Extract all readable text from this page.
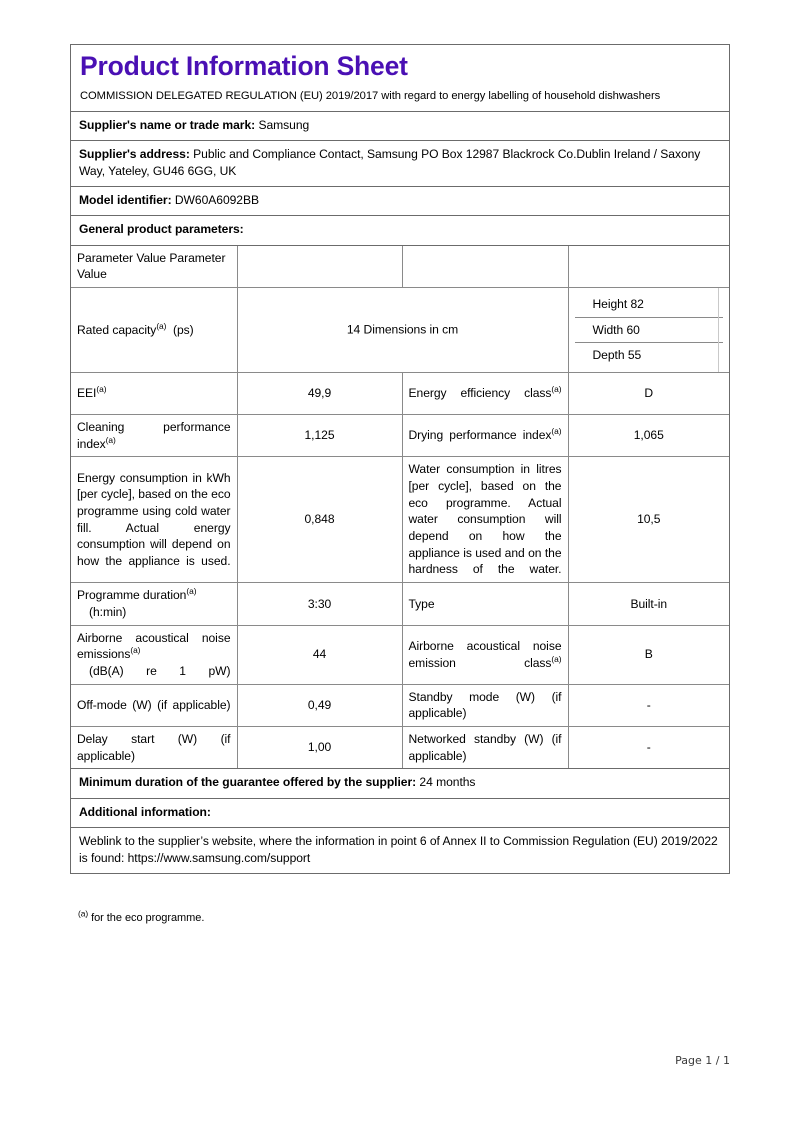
Product Information Sheet
COMMISSION DELEGATED REGULATION (EU) 2019/2017 with regard to energy labelling of household dishwashers
Supplier's name or trade mark: Samsung
Supplier's address: Public and Compliance Contact, Samsung PO Box 12987 Blackrock Co.Dublin Ireland / Saxony Way, Yateley, GU46 6GG, UK
Model identifier: DW60A6092BB
General product parameters:
Parameter Value Parameter Value			
Rated capacity$^{(a)}$ (ps)	14 Dimensions in cm

Height 82
Width 60
Depth 55

EEI$^{(a)}$	49,9	Energy efficiency class$^{(a)}$	D
Cleaning performance index$^{(a)}$	1,125	Drying performance index$^{(a)}$	1,065
Energy consumption in kWh [per cycle], based on the eco programme using cold water fill. Actual energy consumption will depend on how the appliance is used.	0,848	Water consumption in litres [per cycle], based on the eco programme. Actual water consumption will depend on how the appliance is used and on the hardness of the water.	10,5
Programme duration$^{(a)}$
(h:min)	3:30	Type	Built-in
Airborne acoustical noise emissions$^{(a)}$
(dB(A) re 1 pW)
	44	Airborne acoustical noise emission class$^{(a)}$	B
Off-mode (W) (if applicable)	0,49	Standby mode (W) (if applicable)	-
Delay start (W) (if applicable)	1,00	Networked standby (W) (if applicable)	-
Minimum duration of the guarantee offered by the supplier: 24 months
Additional information:
Weblink to the supplier’s website, where the information in point 6 of Annex II to Commission Regulation (EU) 2019/2022 is found: https://www.samsung.com/support
$^{(a)}$ for the eco programme.
Page 1 / 1
